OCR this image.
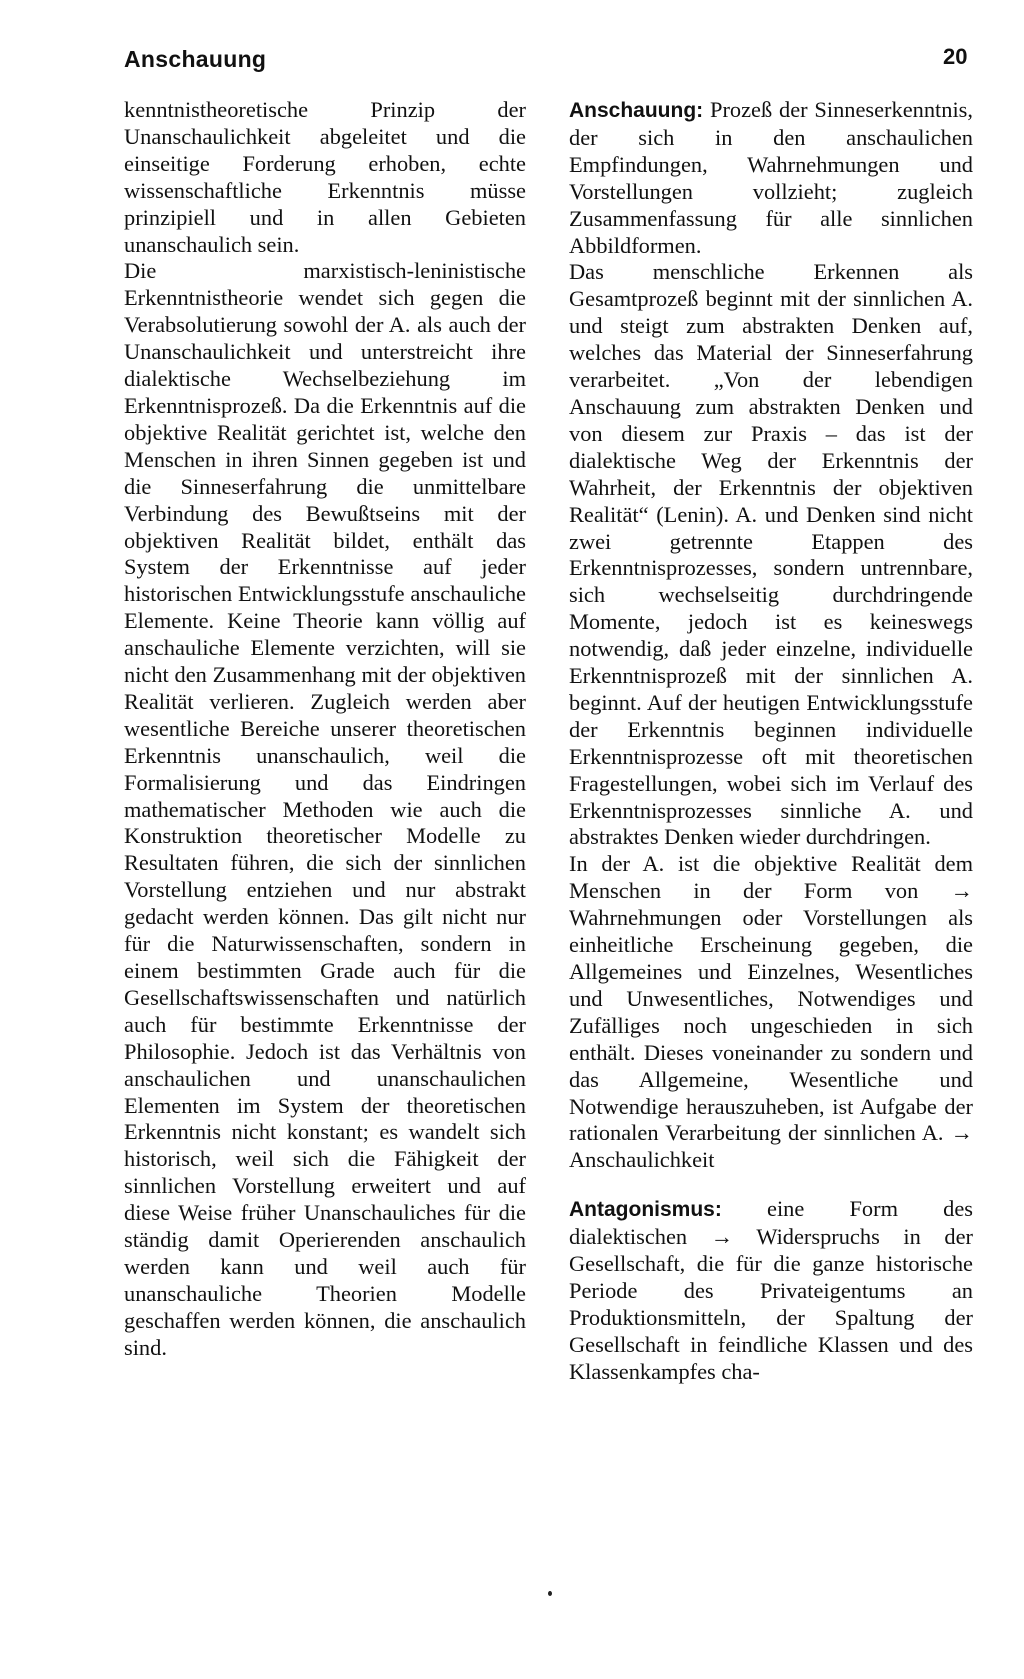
Anschauung	20

kenntnistheoretische Prinzip der Unanschaulichkeit abgeleitet und die einseitige Forderung erhoben, echte wissenschaftliche Erkenntnis müsse prinzipiell und in allen Gebieten unanschaulich sein.

Die marxistisch-leninistische Erkenntnistheorie wendet sich gegen die Verabsolutierung sowohl der A. als auch der Unanschaulichkeit und unterstreicht ihre dialektische Wechselbeziehung im Erkenntnisprozeß. Da die Erkenntnis auf die objektive Realität gerichtet ist, welche den Menschen in ihren Sinnen gegeben ist und die Sinneserfahrung die unmittelbare Verbindung des Bewußtseins mit der objektiven Realität bildet, enthält das System der Erkenntnisse auf jeder historischen Entwicklungsstufe anschauliche Elemente. Keine Theorie kann völlig auf anschauliche Elemente verzichten, will sie nicht den Zusammenhang mit der objektiven Realität verlieren. Zugleich werden aber wesentliche Bereiche unserer theoretischen Erkenntnis unanschaulich, weil die Formalisierung und das Eindringen mathematischer Methoden wie auch die Konstruktion theoretischer Modelle zu Resultaten führen, die sich der sinnlichen Vorstellung entziehen und nur abstrakt gedacht werden können. Das gilt nicht nur für die Naturwissenschaften, sondern in einem bestimmten Grade auch für die Gesellschaftswissenschaften und natürlich auch für bestimmte Erkenntnisse der Philosophie. Jedoch ist das Verhältnis von anschaulichen und unanschaulichen Elementen im System der theoretischen Erkenntnis nicht konstant; es wandelt sich historisch, weil sich die Fähigkeit der sinnlichen Vorstellung erweitert und auf diese Weise früher Unanschauliches für die ständig damit Operierenden anschaulich werden kann und weil auch für unanschauliche Theorien Modelle geschaffen werden können, die anschaulich sind.

Anschauung: Prozeß der Sinneserkenntnis, der sich in den anschaulichen Empfindungen, Wahrnehmungen und Vorstellungen vollzieht; zugleich Zusammenfassung für alle sinnlichen Abbildformen.

Das menschliche Erkennen als Gesamtprozeß beginnt mit der sinnlichen A. und steigt zum abstrakten Denken auf, welches das Material der Sinneserfahrung verarbeitet. „Von der lebendigen Anschauung zum abstrakten Denken und von diesem zur Praxis – das ist der dialektische Weg der Erkenntnis der Wahrheit, der Erkenntnis der objektiven Realität“ (Lenin). A. und Denken sind nicht zwei getrennte Etappen des Erkenntnisprozesses, sondern untrennbare, sich wechselseitig durchdringende Momente, jedoch ist es keineswegs notwendig, daß jeder einzelne, individuelle Erkenntnisprozeß mit der sinnlichen A. beginnt. Auf der heutigen Entwicklungsstufe der Erkenntnis beginnen individuelle Erkenntnisprozesse oft mit theoretischen Fragestellungen, wobei sich im Verlauf des Erkenntnisprozesses sinnliche A. und abstraktes Denken wieder durchdringen.

In der A. ist die objektive Realität dem Menschen in der Form von → Wahrnehmungen oder Vorstellungen als einheitliche Erscheinung gegeben, die Allgemeines und Einzelnes, Wesentliches und Unwesentliches, Notwendiges und Zufälliges noch ungeschieden in sich enthält. Dieses voneinander zu sondern und das Allgemeine, Wesentliche und Notwendige herauszuheben, ist Aufgabe der rationalen Verarbeitung der sinnlichen A. → Anschaulichkeit

Antagonismus: eine Form des dialektischen → Widerspruchs in der Gesellschaft, die für die ganze historische Periode des Privateigentums an Produktionsmitteln, der Spaltung der Gesellschaft in feindliche Klassen und des Klassenkampfes cha-
